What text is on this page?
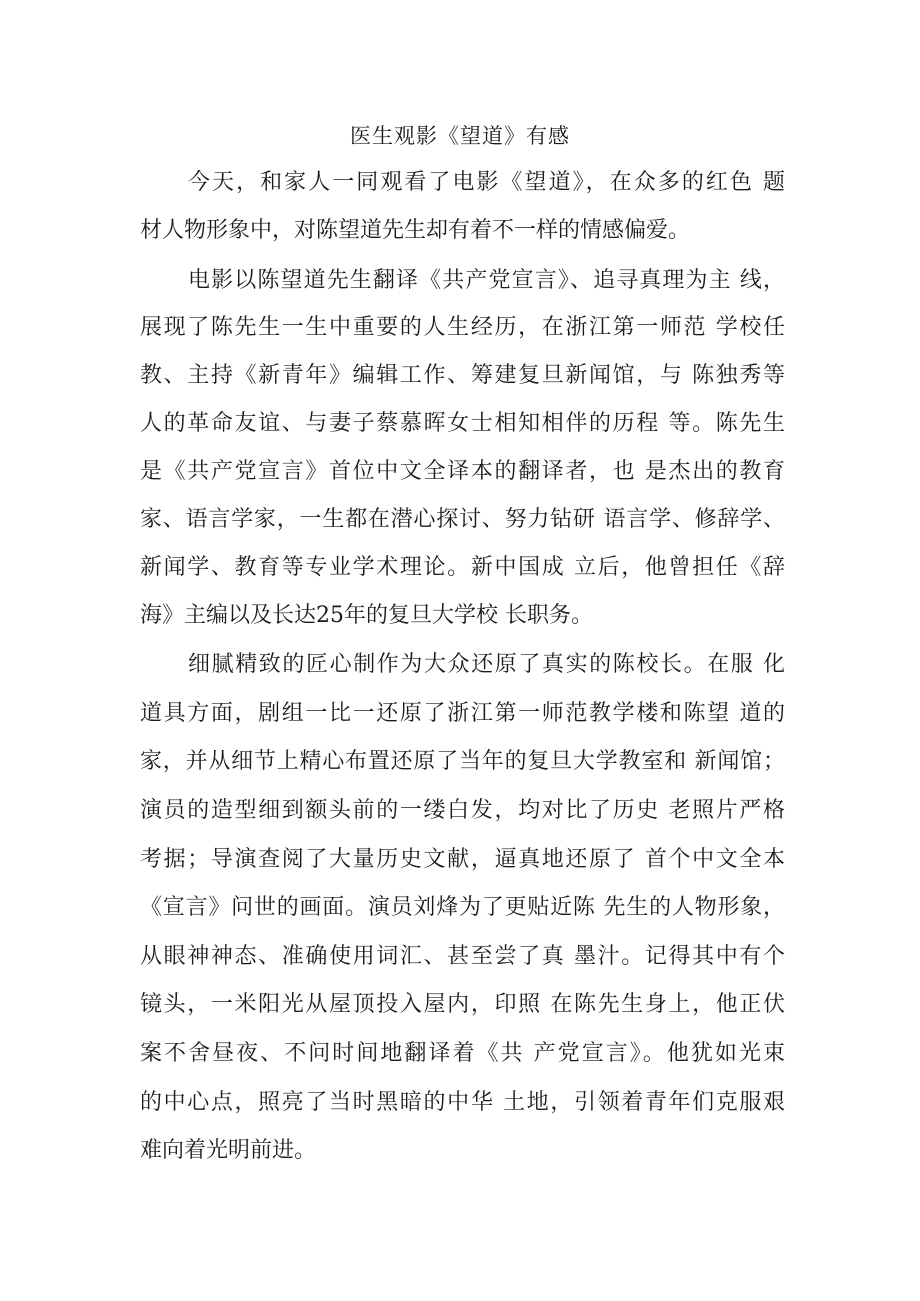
医生观影《望道》有感
今天，和家人一同观看了电影《望道》，在众多的红色 题
材人物形象中，对陈望道先生却有着不一样的情感偏爱。
电影以陈望道先生翻译《共产党宣言》、追寻真理为主 线，
展现了陈先生一生中重要的人生经历，在浙江第一师范 学校任
教、主持《新青年》编辑工作、筹建复旦新闻馆，与 陈独秀等
人的革命友谊、与妻子蔡慕晖女士相知相伴的历程 等。陈先生
是《共产党宣言》首位中文全译本的翻译者，也 是杰出的教育
家、语言学家，一生都在潜心探讨、努力钻研 语言学、修辞学、
新闻学、教育等专业学术理论。新中国成 立后，他曾担任《辞
海》主编以及长达25年的复旦大学校 长职务。
细腻精致的匠心制作为大众还原了真实的陈校长。在服 化
道具方面，剧组一比一还原了浙江第一师范教学楼和陈望 道的
家，并从细节上精心布置还原了当年的复旦大学教室和 新闻馆；
演员的造型细到额头前的一缕白发，均对比了历史 老照片严格
考据；导演查阅了大量历史文献，逼真地还原了 首个中文全本
《宣言》问世的画面。演员刘烽为了更贴近陈 先生的人物形象，
从眼神神态、准确使用词汇、甚至尝了真 墨汁。记得其中有个
镜头，一米阳光从屋顶投入屋内，印照 在陈先生身上，他正伏
案不舍昼夜、不问时间地翻译着《共 产党宣言》。他犹如光束
的中心点，照亮了当时黑暗的中华 土地，引领着青年们克服艰
难向着光明前进。
